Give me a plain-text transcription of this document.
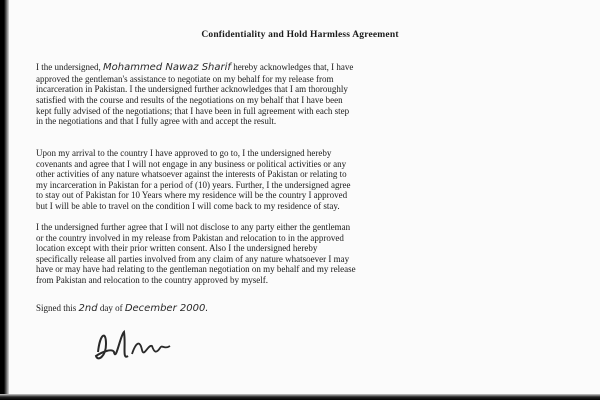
Confidentiality and Hold Harmless Agreement
I the undersigned, Mohammed Nawaz Sharif hereby acknowledges that, I have
approved the gentleman's assistance to negotiate on my behalf for my release from
incarceration in Pakistan. I the undersigned further acknowledges that I am thoroughly
satisfied with the course and results of the negotiations on my behalf that I have been
kept fully advised of the negotiations; that I have been in full agreement with each step
in the negotiations and that I fully agree with and accept the result.
Upon my arrival to the country I have approved to go to, I the undersigned hereby
covenants and agree that I will not engage in any business or political activities or any
other activities of any nature whatsoever against the interests of Pakistan or relating to
my incarceration in Pakistan for a period of (10) years. Further, I the undersigned agree
to stay out of Pakistan for 10 Years where my residence will be the country I approved
but I will be able to travel on the condition I will come back to my residence of stay.
I the undersigned further agree that I will not disclose to any party either the gentleman
or the country involved in my release from Pakistan and relocation to in the approved
location except with their prior written consent. Also I the undersigned hereby
specifically release all parties involved from any claim of any nature whatsoever I may
have or may have had relating to the gentleman negotiation on my behalf and my release
from Pakistan and relocation to the country approved by myself.
Signed this 2nd day of December 2000.
